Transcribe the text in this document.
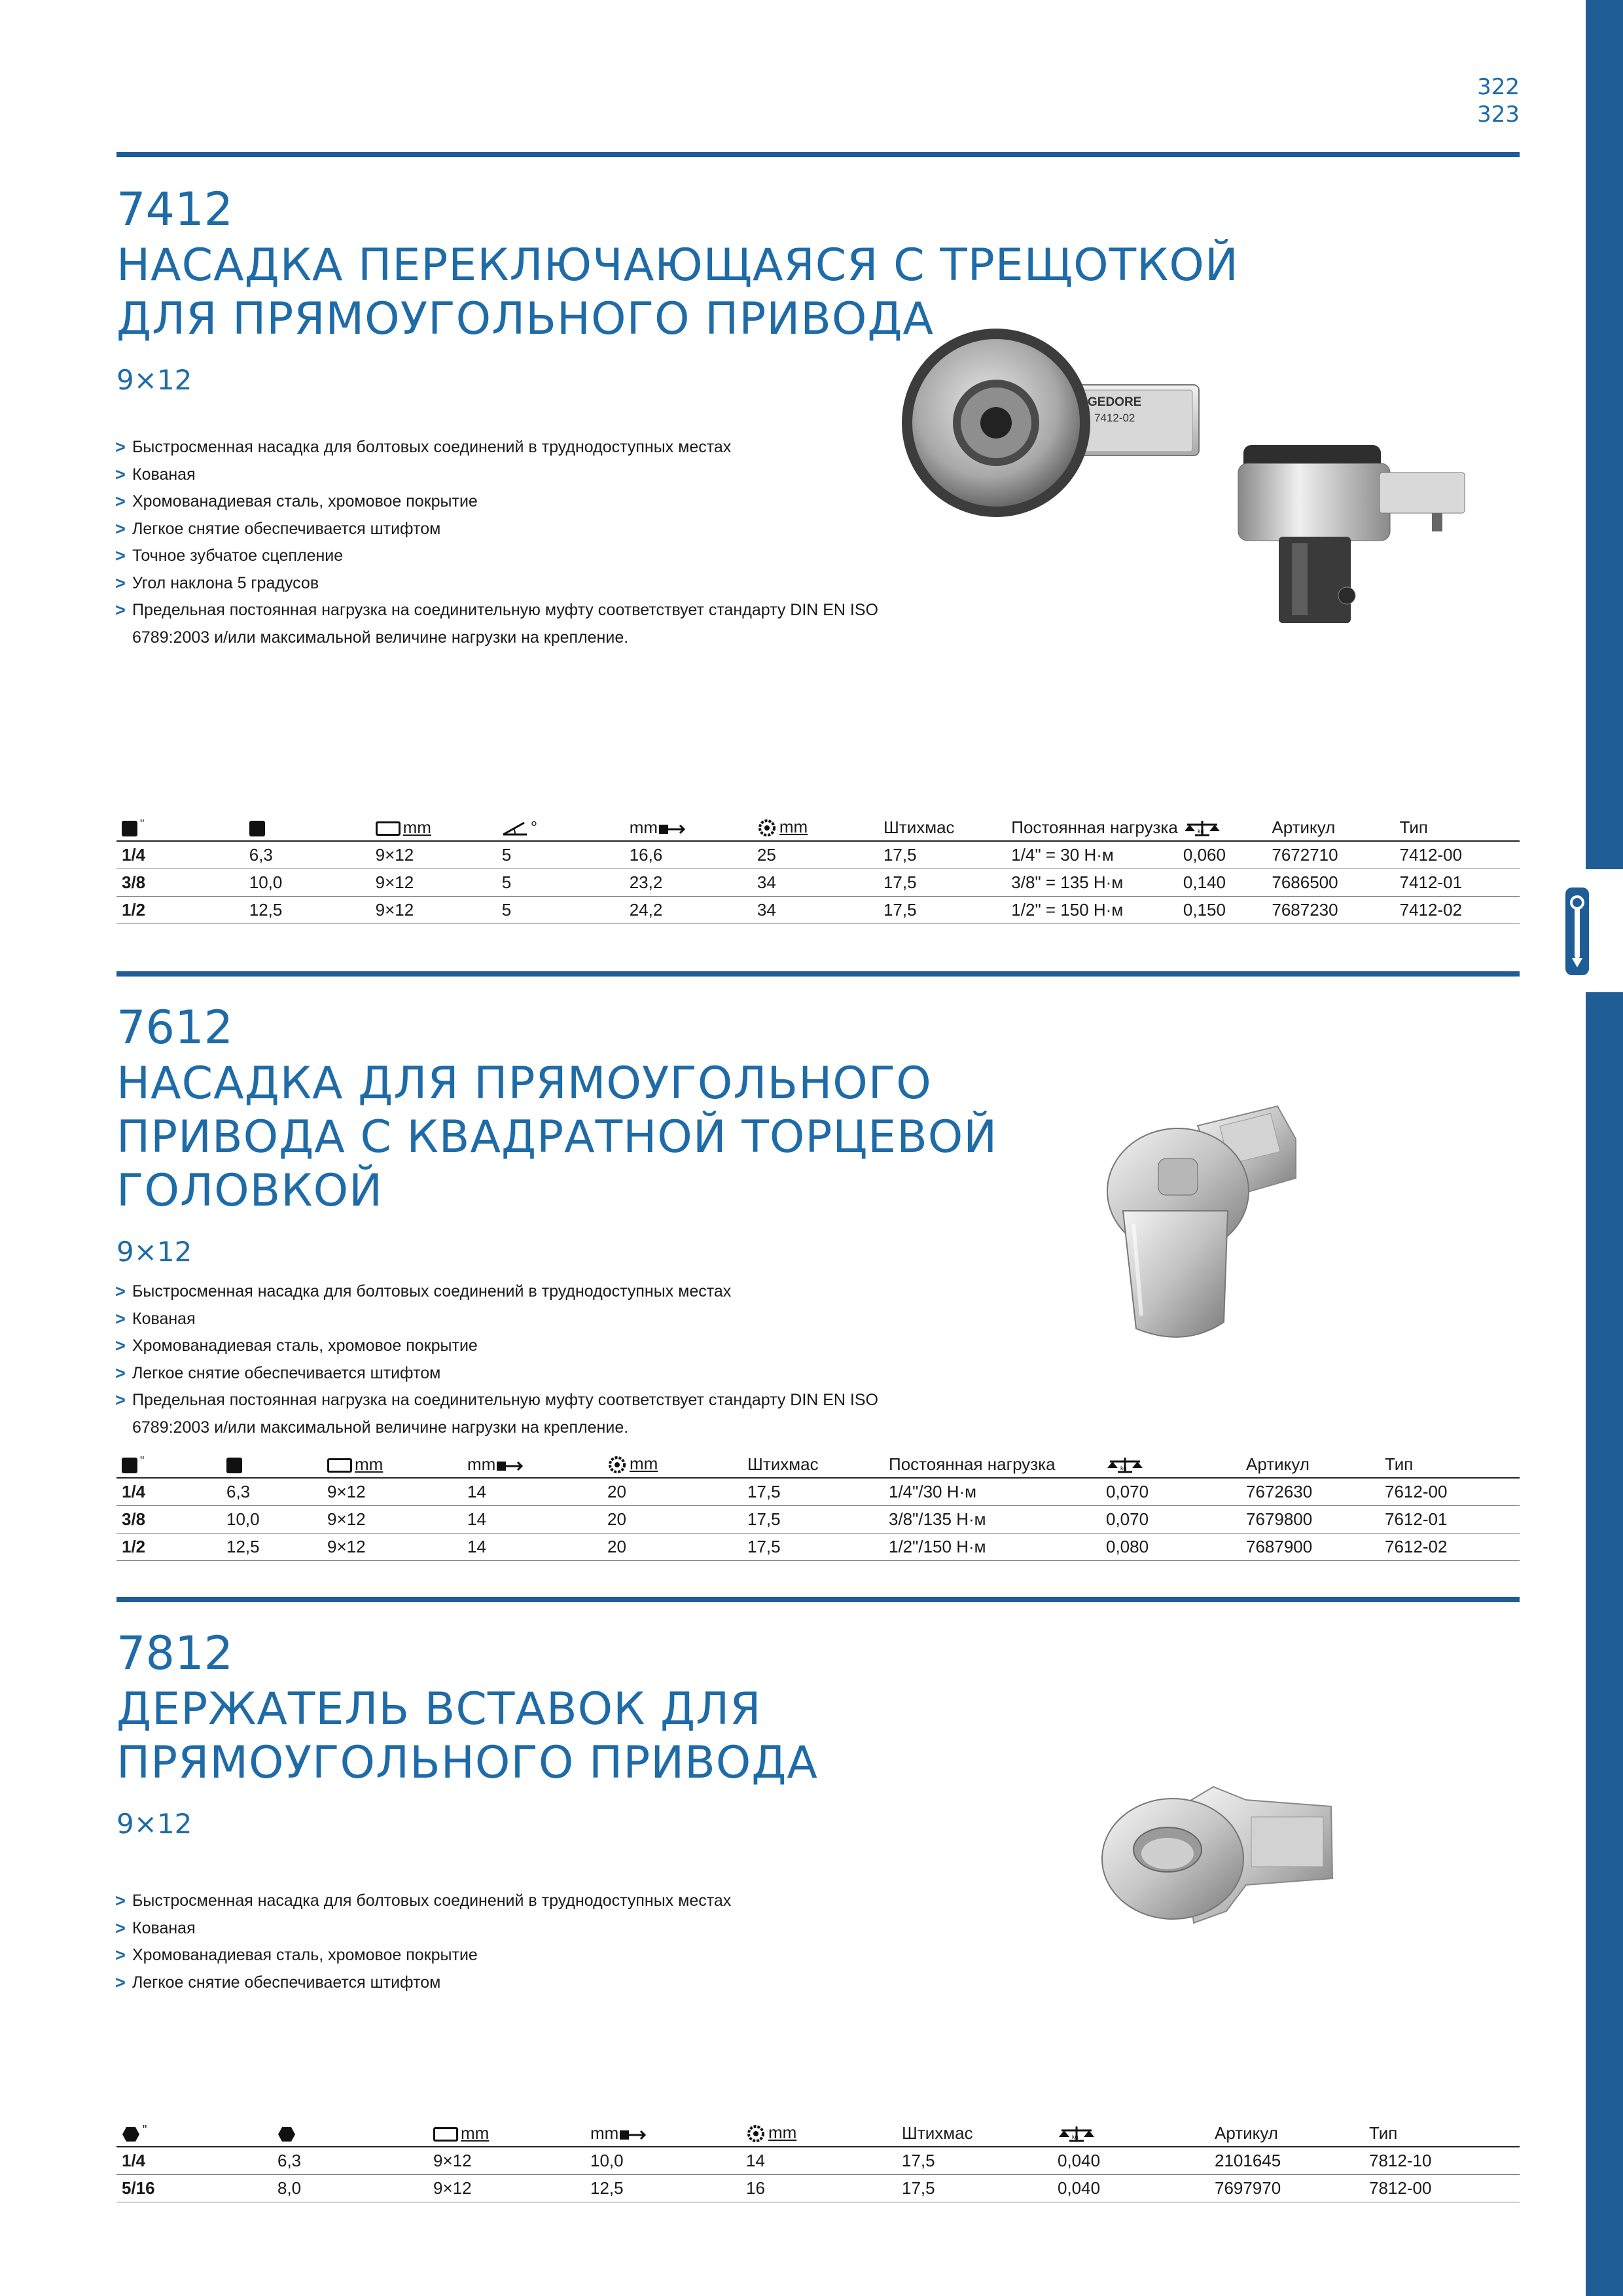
322
323
7412
НАСАДКА ПЕРЕКЛЮЧАЮЩАЯСЯ С ТРЕЩОТКОЙ
ДЛЯ ПРЯМОУГОЛЬНОГО ПРИВОДА
9×12
> Быстросменная насадка для болтовых соединений в труднодоступных местах
> Кованая
> Хромованадиевая сталь, хромовое покрытие
> Легкое снятие обеспечивается штифтом
> Точное зубчатое сцепление
> Угол наклона 5 градусов
> Предельная постоянная нагрузка на соединительную муфту соответствует стандарту DIN EN ISO
6789:2003 и/или максимальной величине нагрузки на крепление.
GEDORE
7412-02
"		mm	°	mm	mm	Штихмас	Постоянная нагрузка	kg	Артикул	Тип
1/4	6,3	9×12	5	16,6	25	17,5	1/4" = 30 Н·м	0,060	7672710	7412-00
3/8	10,0	9×12	5	23,2	34	17,5	3/8" = 135 Н·м	0,140	7686500	7412-01
1/2	12,5	9×12	5	24,2	34	17,5	1/2" = 150 Н·м	0,150	7687230	7412-02
7612
НАСАДКА ДЛЯ ПРЯМОУГОЛЬНОГО
ПРИВОДА С КВАДРАТНОЙ ТОРЦЕВОЙ
ГОЛОВКОЙ
9×12
> Быстросменная насадка для болтовых соединений в труднодоступных местах
> Кованая
> Хромованадиевая сталь, хромовое покрытие
> Легкое снятие обеспечивается штифтом
> Предельная постоянная нагрузка на соединительную муфту соответствует стандарту DIN EN ISO
6789:2003 и/или максимальной величине нагрузки на крепление.
"		mm	mm	mm	Штихмас	Постоянная нагрузка	kg	Артикул	Тип
1/4	6,3	9×12	14	20	17,5	1/4"/30 Н·м	0,070	7672630	7612-00
3/8	10,0	9×12	14	20	17,5	3/8"/135 Н·м	0,070	7679800	7612-01
1/2	12,5	9×12	14	20	17,5	1/2"/150 Н·м	0,080	7687900	7612-02
7812
ДЕРЖАТЕЛЬ ВСТАВОК ДЛЯ
ПРЯМОУГОЛЬНОГО ПРИВОДА
9×12
> Быстросменная насадка для болтовых соединений в труднодоступных местах
> Кованая
> Хромованадиевая сталь, хромовое покрытие
> Легкое снятие обеспечивается штифтом
"		mm	mm	mm	Штихмас	kg	Артикул	Тип
1/4	6,3	9×12	10,0	14	17,5	0,040	2101645	7812-10
5/16	8,0	9×12	12,5	16	17,5	0,040	7697970	7812-00
